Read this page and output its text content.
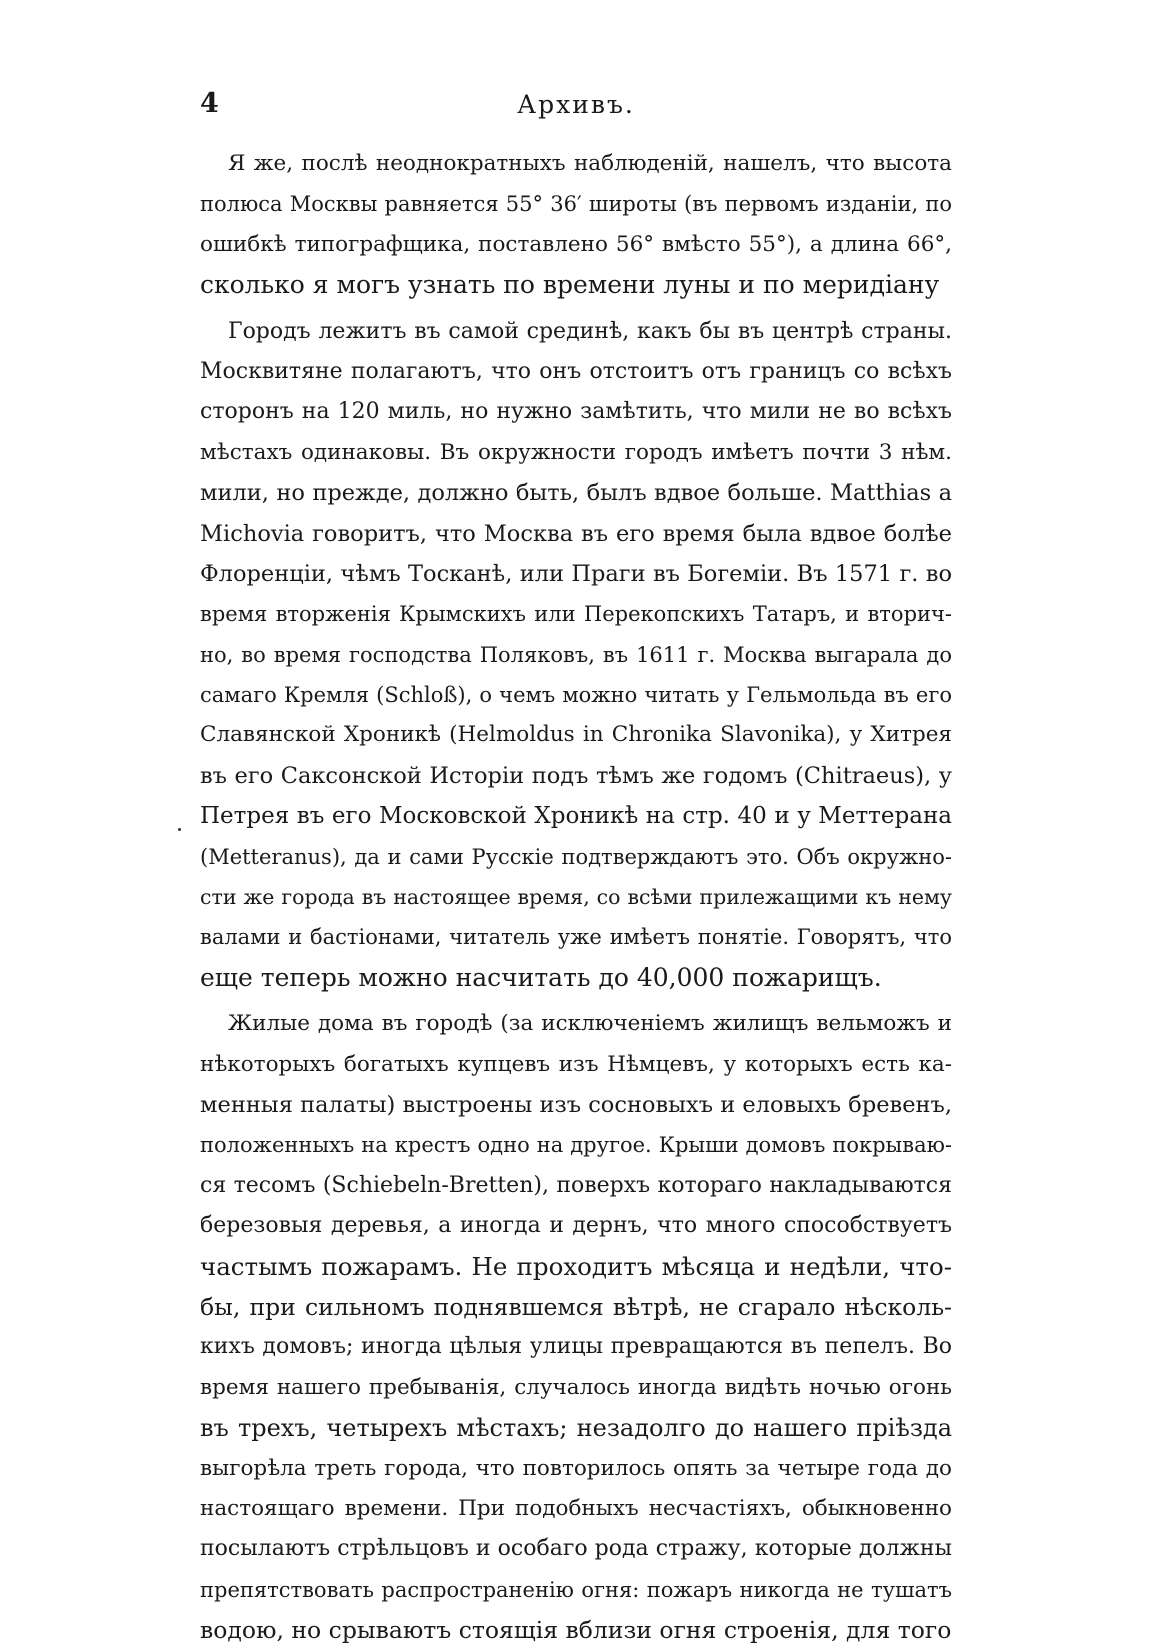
4	Архивъ.
Я же, послѣ неоднократныхъ наблюденій, нашелъ, что высота
полюса Москвы равняется 55° 36′ широты (въ первомъ изданіи, по
ошибкѣ типографщика, поставлено 56° вмѣсто 55°), а длина 66°,
сколько я могъ узнать по времени луны и по меридіану
Городъ лежитъ въ самой срединѣ, какъ бы въ центрѣ страны.
Москвитяне полагаютъ, что онъ отстоитъ отъ границъ со всѣхъ
сторонъ на 120 миль, но нужно замѣтить, что мили не во всѣхъ
мѣстахъ одинаковы. Въ окружности городъ имѣетъ почти 3 нѣм.
мили, но прежде, должно быть, былъ вдвое больше. Matthias a
Michovia говоритъ, что Москва въ его время была вдвое болѣе
Флоренціи, чѣмъ Тосканѣ, или Праги въ Богеміи. Въ 1571 г. во
время вторженія Крымскихъ или Перекопскихъ Татаръ, и вторич-
но, во время господства Поляковъ, въ 1611 г. Москва выгарала до
самаго Кремля (Schloß), о чемъ можно читать у Гельмольда въ его
Славянской Хроникѣ (Helmoldus in Chronika Slavonika), у Хитрея
въ его Саксонской Исторіи подъ тѣмъ же годомъ (Chitraeus), у
Петрея въ его Московской Хроникѣ на стр. 40 и у Меттерана
(Metteranus), да и сами Русскіе подтверждаютъ это. Объ окружно-
сти же города въ настоящее время, со всѣми прилежащими къ нему
валами и бастіонами, читатель уже имѣетъ понятіе. Говорятъ, что
еще теперь можно насчитать до 40,000 пожарищъ.
Жилые дома въ городѣ (за исключеніемъ жилищъ вельможъ и
нѣкоторыхъ богатыхъ купцевъ изъ Нѣмцевъ, у которыхъ есть ка-
менныя палаты) выстроены изъ сосновыхъ и еловыхъ бревенъ,
положенныхъ на крестъ одно на другое. Крыши домовъ покрываю-
ся тесомъ (Schiebeln-Bretten), поверхъ котораго накладываются
березовыя деревья, а иногда и дернъ, что много способствуетъ
частымъ пожарамъ. Не проходитъ мѣсяца и недѣли, что-
бы, при сильномъ поднявшемся вѣтрѣ, не сгарало нѣсколь-
кихъ домовъ; иногда цѣлыя улицы превращаются въ пепелъ. Во
время нашего пребыванія, случалось иногда видѣть ночью огонь
въ трехъ, четырехъ мѣстахъ; незадолго до нашего пріѣзда
выгорѣла треть города, что повторилось опять за четыре года до
настоящаго времени. При подобныхъ несчастіяхъ, обыкновенно
посылаютъ стрѣльцовъ и особаго рода стражу, которые должны
препятствовать распространенію огня: пожаръ никогда не тушатъ
водою, но срываютъ стоящія вблизи огня строенія, для того
